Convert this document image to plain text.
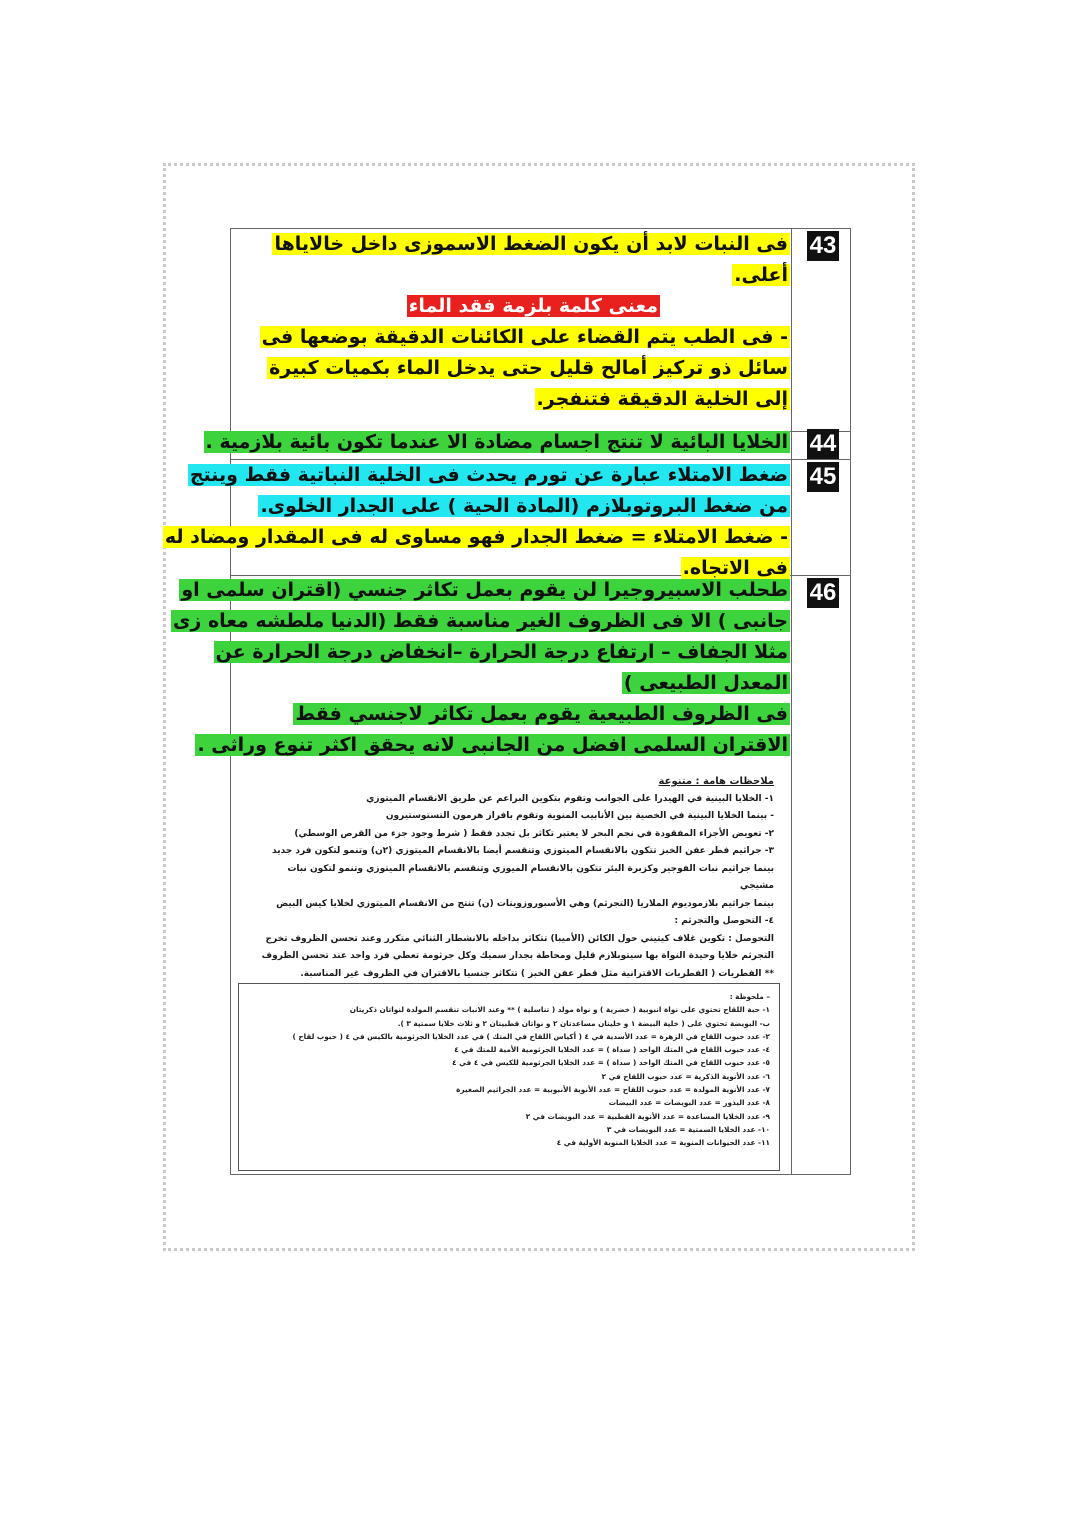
43
44
45
46
فى النبات لابد أن يكون الضغط الاسموزى داخل خالاياها
أعلى.
معنى كلمة بلزمة فقد الماء
- فى الطب يتم القضاء على الكائنات الدقيقة بوضعها فى
سائل ذو تركيز أمالح قليل حتى يدخل الماء بكميات كبيرة
إلى الخلية الدقيقة فتنفجر.
الخلايا البائية لا تنتج اجسام مضادة الا عندما تكون بائية بلازمية .
ضغط الامتلاء عبارة عن تورم يحدث فى الخلية النباتية فقط وينتج
من ضغط البروتوبلازم (المادة الحية ) على الجدار الخلوى.
- ضغط الامتلاء = ضغط الجدار فهو مساوى له فى المقدار ومضاد له
فى الاتجاه.
طحلب الاسبيروجيرا لن يقوم بعمل تكاثر جنسي (اقتران سلمى او
جانبى ) الا فى الظروف الغير مناسبة فقط (الدنيا ملطشه معاه زى
مثلا الجفاف – ارتفاع درجة الحرارة –انخفاض درجة الحرارة عن
المعدل الطبيعى )
فى الظروف الطبيعية يقوم بعمل تكاثر لاجنسي فقط
الاقتران السلمى افضل من الجانبى لانه يحقق اكثر تنوع وراثى .
ملاحظات هامة : متنوعة
١- الخلايا البينية في الهيدرا على الجوانب وتقوم بتكوين البراعم عن طريق الانقسام الميتوزي
- بينما الخلايا البينية في الخصية بين الأنابيب المنوية وتقوم بافراز هرمون التستوستيرون
٢- تعويض الأجزاء المفقودة في نجم البحر لا يعتبر تكاثر بل تجدد فقط ( شرط وجود جزء من القرص الوسطي)
٣- جراثيم فطر عفن الخبز تتكون بالانقسام الميتوزي وتنقسم أيضا بالانقسام الميتوزي (٢ن) وتنمو لتكون فرد جديد
بينما جراثيم نبات الفوجير وكزبرة البئر تتكون بالانقسام الميوزي وتنقسم بالانقسام الميتوزي وتنمو لتكون نبات مشيجي
بينما جراثيم بلازموديوم الملاريا (التجرثم) وهي الأسبوروزويتات (ن) تنتج من الانقسام الميتوزي لخلايا كيس البيض
٤- التحوصل والتجرثم :
التحوصل : تكوين غلاف كيتيني حول الكائن (الأميبا) تتكاثر بداخله بالانشطار الثنائي متكرر وعند تحسن الظروف تخرج
التجرثم خلايا وحيدة النواة بها سيتوبلازم قليل ومحاطة بجدار سميك وكل جرثومة تعطي فرد واحد عند تحسن الظروف
** الفطريات ( الفطريات الاقترانية مثل فطر عفن الخبز ) تتكاثر جنسيا بالاقتران في الظروف غير المناسبة.
– ملحوظة :
١- حبة اللقاح تحتوي على نواة انبوبية ( خضرية ) و نواة مولد ( تناسلية ) ** وعند الانبات تنقسم المولدة لنواتان ذكريتان
ب- البويضة تحتوي على ( خلية البيضة ١ و خليتان مساعدتان ٢ و نواتان قطبيتان ٢ و ثلاث خلايا سمتية ٣ ).
٢- عدد حبوب اللقاح في الزهرة = عدد الأسدية في ٤ ( أكياس اللقاح في المتك ) في عدد الخلايا الجرثومية بالكيس في ٤ ( حبوب لقاح )
٤- عدد حبوب اللقاح في المتك الواحد ( سداة ) = عدد الخلايا الجرثومية الأمية للمتك في ٤
٥- عدد حبوب اللقاح في المتك الواحد ( سداة ) = عدد الخلايا الجرثومية للكيس في ٤ في ٤
٦- عدد الأنوية الذكرية = عدد حبوب اللقاح في ٢
٧- عدد الأنوية المولدة = عدد حبوب اللقاح = عدد الأنوية الأنبوبية = عدد الجراثيم الصغيرة
٨- عدد البذور = عدد البويضات = عدد البيضات
٩- عدد الخلايا المساعدة = عدد الأنوية القطبية = عدد البويضات في ٢
١٠- عدد الخلايا السمتية = عدد البويضات في ٣
١١- عدد الحيوانات المنوية = عدد الخلايا المنوية الأولية في ٤
